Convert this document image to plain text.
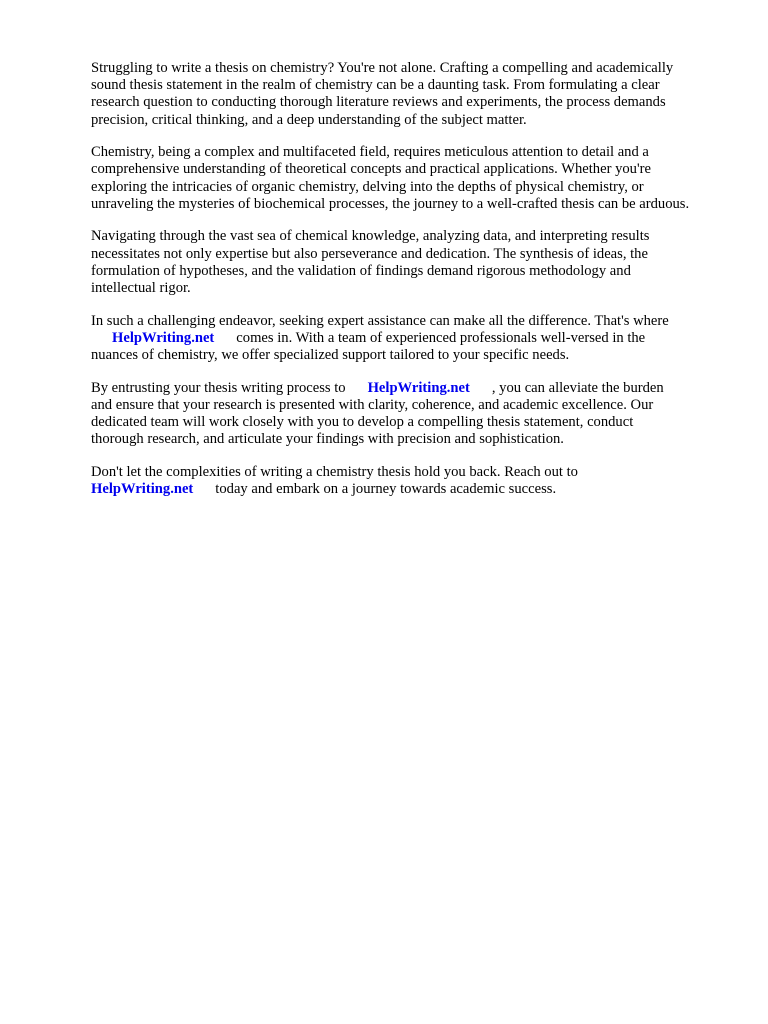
Struggling to write a thesis on chemistry? You're not alone. Crafting a compelling and academically
sound thesis statement in the realm of chemistry can be a daunting task. From formulating a clear
research question to conducting thorough literature reviews and experiments, the process demands
precision, critical thinking, and a deep understanding of the subject matter.

Chemistry, being a complex and multifaceted field, requires meticulous attention to detail and a
comprehensive understanding of theoretical concepts and practical applications. Whether you're
exploring the intricacies of organic chemistry, delving into the depths of physical chemistry, or
unraveling the mysteries of biochemical processes, the journey to a well-crafted thesis can be arduous.

Navigating through the vast sea of chemical knowledge, analyzing data, and interpreting results
necessitates not only expertise but also perseverance and dedication. The synthesis of ideas, the
formulation of hypotheses, and the validation of findings demand rigorous methodology and
intellectual rigor.

In such a challenging endeavor, seeking expert assistance can make all the difference. That's where
HelpWriting.net comes in. With a team of experienced professionals well-versed in the
nuances of chemistry, we offer specialized support tailored to your specific needs.

By entrusting your thesis writing process to HelpWriting.net , you can alleviate the burden
and ensure that your research is presented with clarity, coherence, and academic excellence. Our
dedicated team will work closely with you to develop a compelling thesis statement, conduct
thorough research, and articulate your findings with precision and sophistication.

Don't let the complexities of writing a chemistry thesis hold you back. Reach out to
HelpWriting.net today and embark on a journey towards academic success.
